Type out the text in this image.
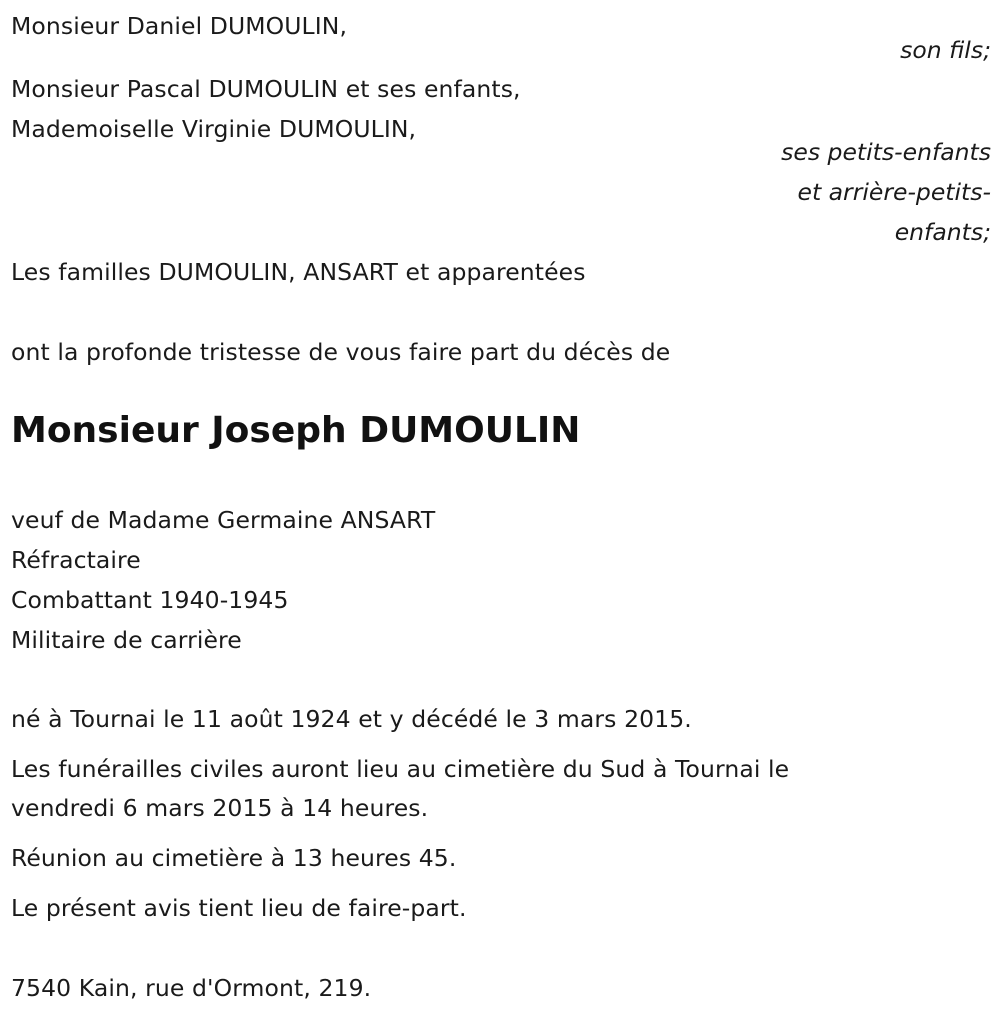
Monsieur Daniel DUMOULIN,
son fils;
Monsieur Pascal DUMOULIN et ses enfants,
Mademoiselle Virginie DUMOULIN,
ses petits-enfants
et arrière-petits-
enfants;
Les familles DUMOULIN, ANSART et apparentées
ont la profonde tristesse de vous faire part du décès de
Monsieur Joseph DUMOULIN
veuf de Madame Germaine ANSART
Réfractaire
Combattant 1940-1945
Militaire de carrière
né à Tournai le 11 août 1924 et y décédé le 3 mars 2015.
Les funérailles civiles auront lieu au cimetière du Sud à Tournai le
vendredi 6 mars 2015 à 14 heures.
Réunion au cimetière à 13 heures 45.
Le présent avis tient lieu de faire-part.
7540 Kain, rue d'Ormont, 219.
